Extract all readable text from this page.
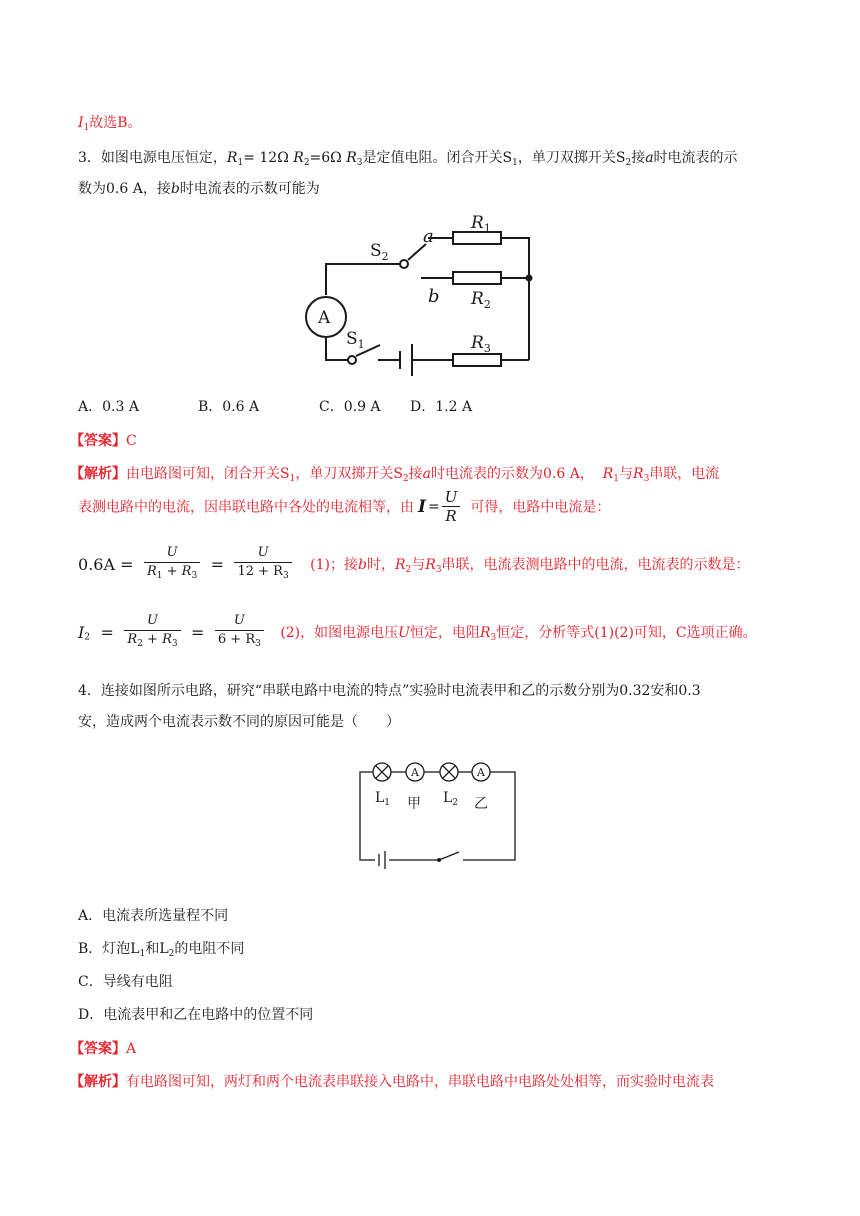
$I_1$故选B。
3．如图电源电压恒定，$R_1= 12\Omega$ $R_2=6\Omega$ $R_3$是定值电阻。闭合开关$S_1$，单刀双掷开关$S_2$接a时电流表的示
数为0.6 A，接b时电流表的示数可能为
$S_2$
a
b
$R_1$
$R_2$
$R_3$
A
$S_1$
A．0.3 A	B．0.6 A	C．0.9 A D．1.2 A
【答案】C
【解析】由电路图可知，闭合开关$S_1$，单刀双掷开关$S_2$接a时电流表的示数为0.6 A， $R_1$与$R_3$串联，电流
表测电路中的电流，因串联电路中各处的电流相等，由 $I = \frac{U}{R}$ 可得，电路中电流是：
$0.6A = \frac{U}{R_1 + R_3} = \frac{U}{12 + R_3} (1)$；接b时，$R_2$与$R_3$串联，电流表测电路中的电流，电流表的示数是：
$I_2 = \frac{U}{R_2 + R_3} = \frac{U}{6 + R_3} (2)$，如图电源电压U恒定，电阻$R_3$恒定，分析等式(1)(2)可知，C选项正确。
4．连接如图所示电路，研究“串联电路中电流的特点”实验时电流表甲和乙的示数分别为0.32安和0.3
安，造成两个电流表示数不同的原因可能是（　　）
A	A
$L_1$ 甲 $L_2$ 乙
A．电流表所选量程不同
B．灯泡$L_1$和$L_2$的电阻不同
C．导线有电阻
D．电流表甲和乙在电路中的位置不同
【答案】A
【解析】有电路图可知，两灯和两个电流表串联接入电路中，串联电路中电路处处相等，而实验时电流表
